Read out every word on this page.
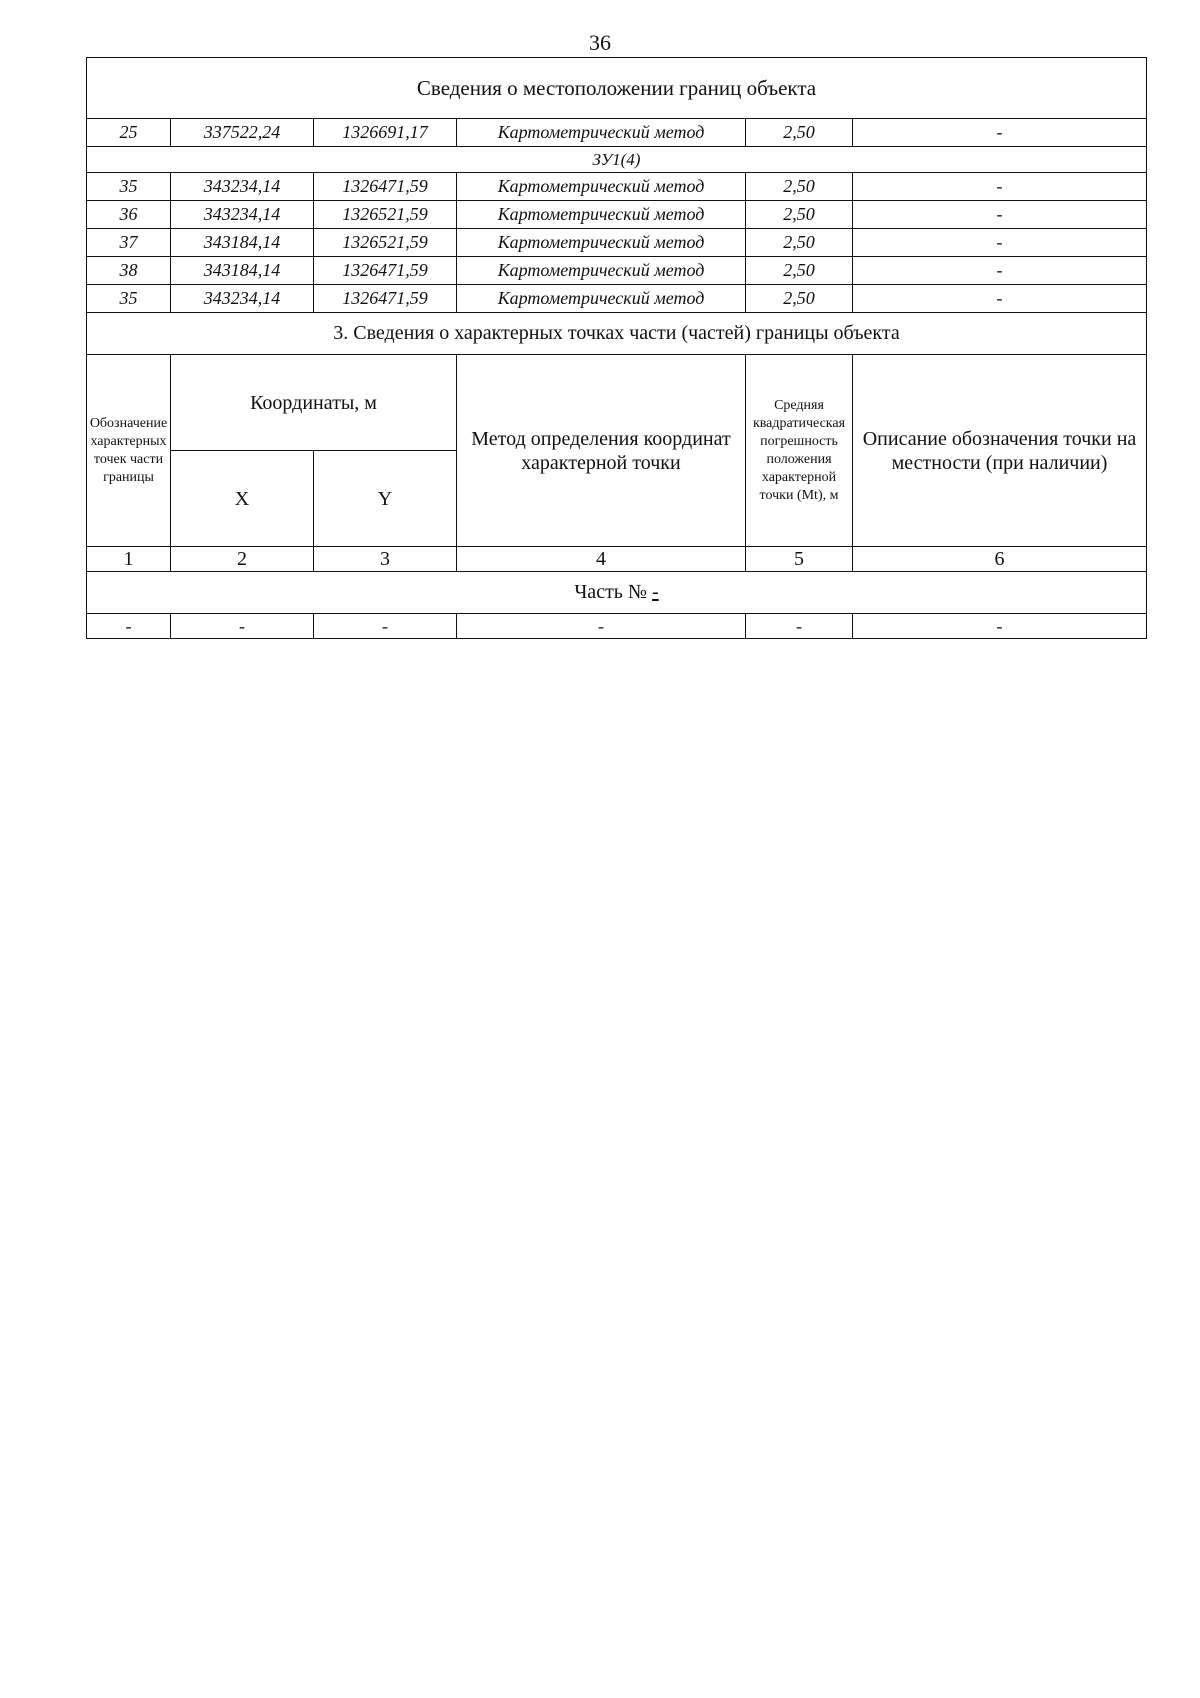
36
Сведения о местоположении границ объекта					
25	337522,24	1326691,17	Картометрический метод	2,50	-
ЗУ1(4)					
35	343234,14	1326471,59	Картометрический метод	2,50	-
36	343234,14	1326521,59	Картометрический метод	2,50	-
37	343184,14	1326521,59	Картометрический метод	2,50	-
38	343184,14	1326471,59	Картометрический метод	2,50	-
35	343234,14	1326471,59	Картометрический метод	2,50	-
3. Сведения о характерных точках части (частей) границы объекта					
Обозначение характерных точек части границы	Координаты, м		Метод определения координат характерной точки	Средняя квадратическая погрешность положения характерной точки (Mt), м	Описание обозначения точки на местности (при наличии)
	X	Y			
1	2	3	4	5	6
Часть № -					
-	-	-	-	-	-
